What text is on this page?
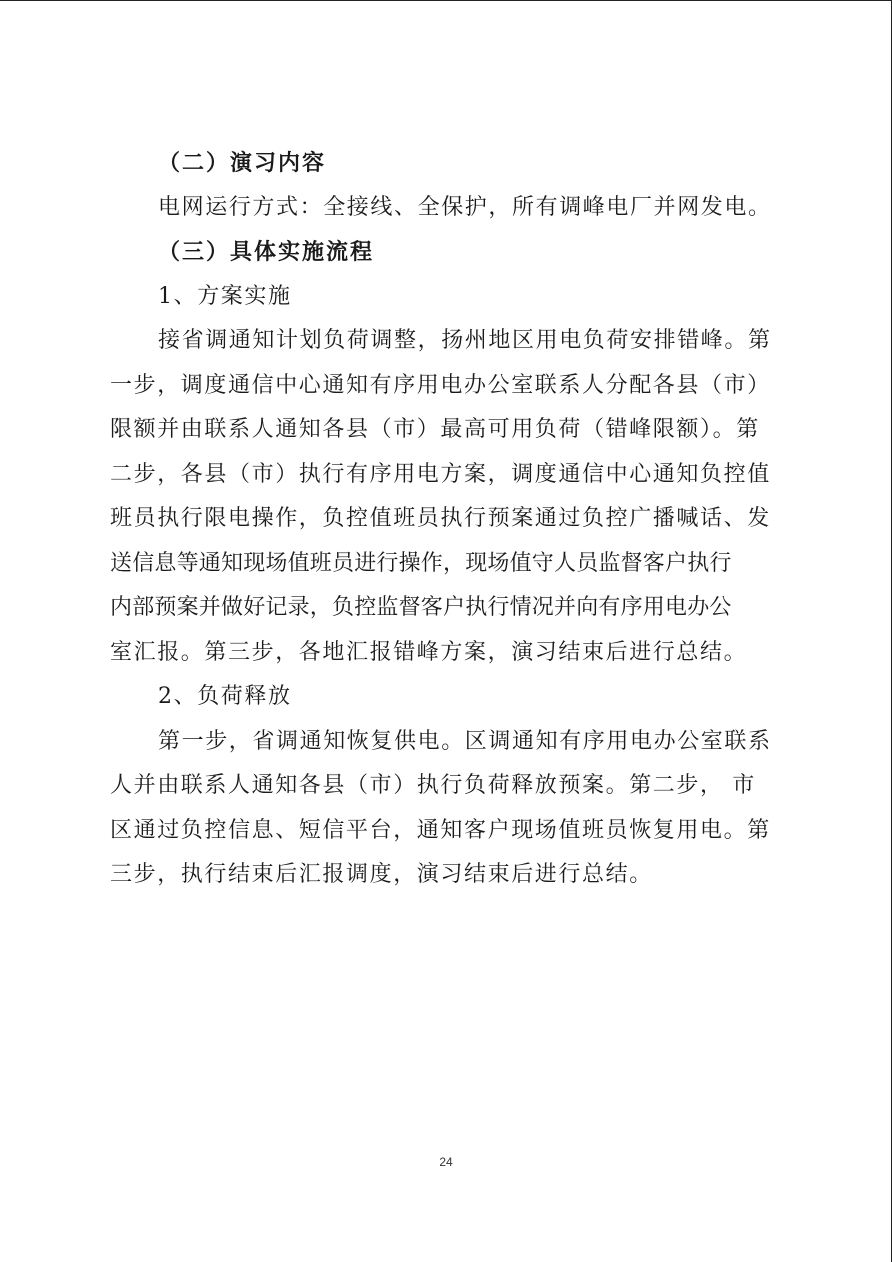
（二）演习内容
电网运行方式：全接线、全保护，所有调峰电厂并网发电。
（三）具体实施流程
1、方案实施
接省调通知计划负荷调整，扬州地区用电负荷安排错峰。第
一步，调度通信中心通知有序用电办公室联系人分配各县（市）
限额并由联系人通知各县（市）最高可用负荷（错峰限额）。第
二步，各县（市）执行有序用电方案，调度通信中心通知负控值
班员执行限电操作，负控值班员执行预案通过负控广播喊话、发
送信息等通知现场值班员进行操作，现场值守人员监督客户执行
内部预案并做好记录，负控监督客户执行情况并向有序用电办公
室汇报。第三步，各地汇报错峰方案，演习结束后进行总结。
2、负荷释放
第一步，省调通知恢复供电。区调通知有序用电办公室联系
人并由联系人通知各县（市）执行负荷释放预案。第二步， 市
区通过负控信息、短信平台，通知客户现场值班员恢复用电。第
三步，执行结束后汇报调度，演习结束后进行总结。
24
